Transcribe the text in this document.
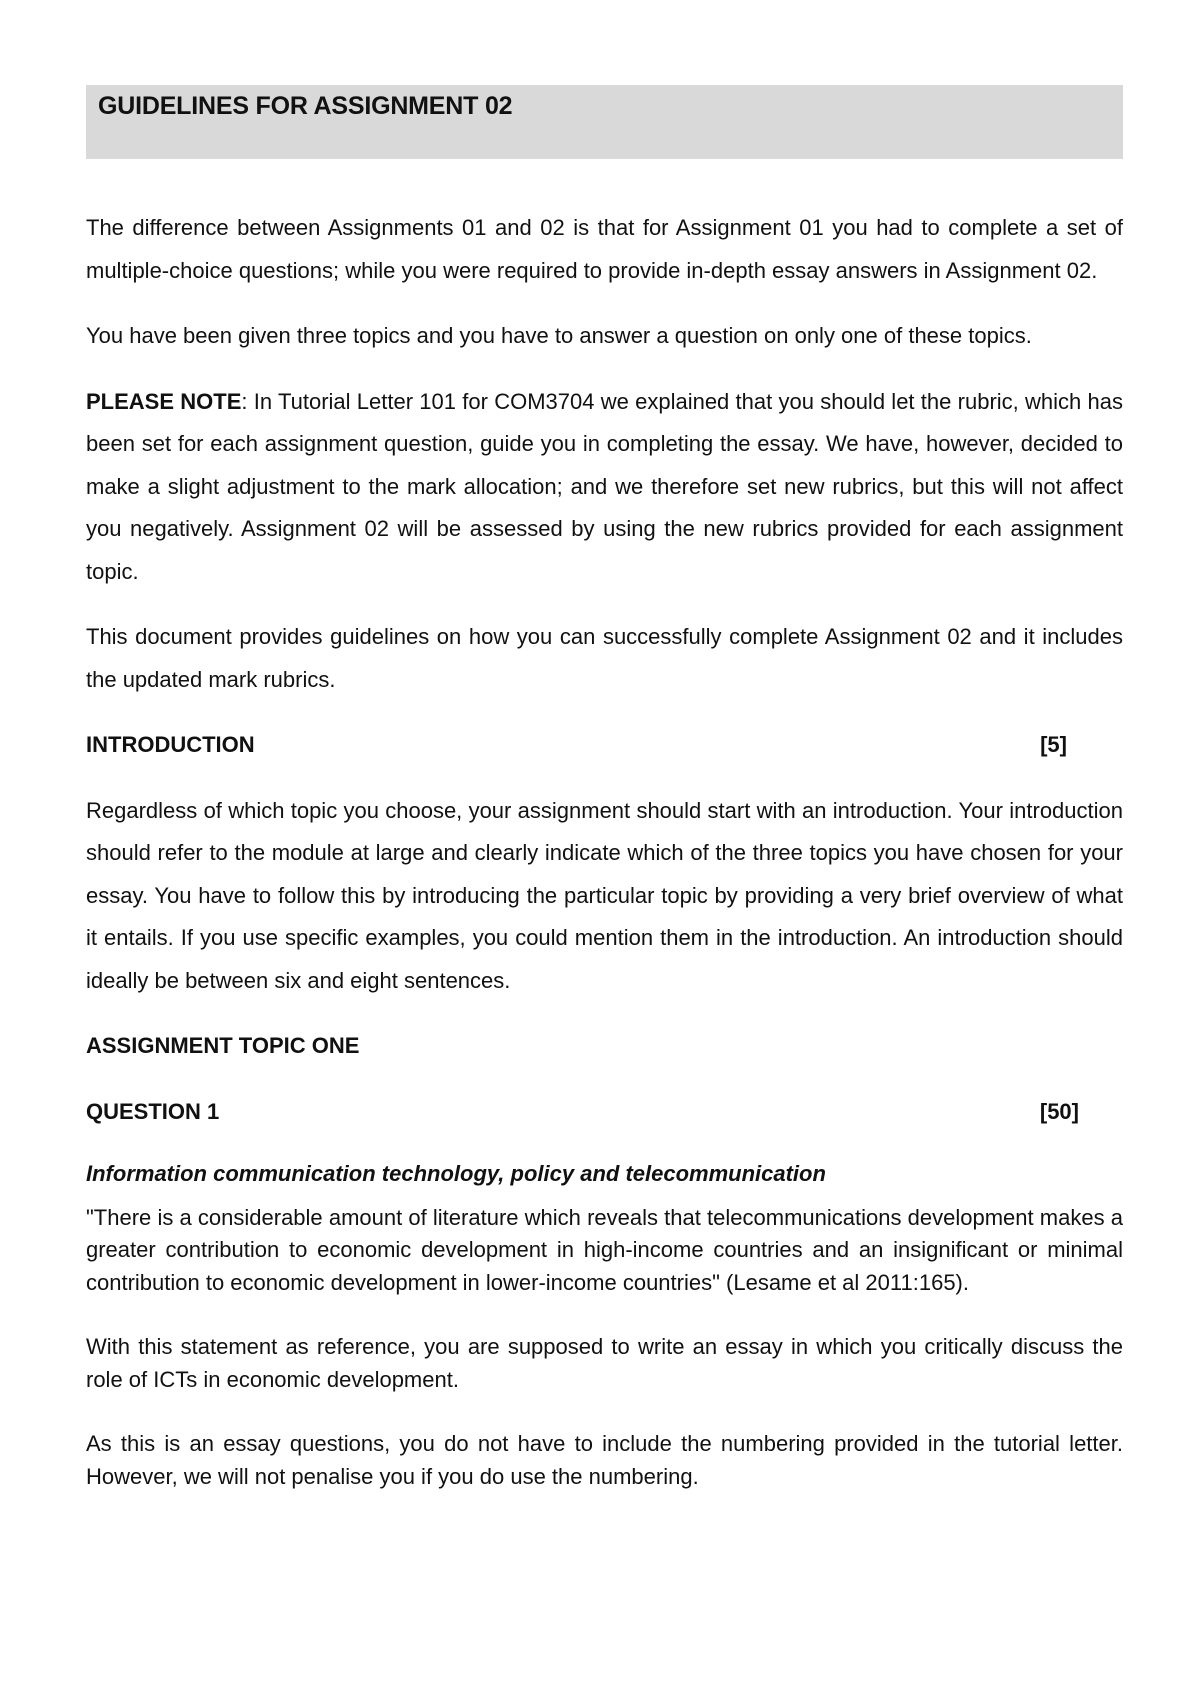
GUIDELINES FOR ASSIGNMENT 02

The difference between Assignments 01 and 02 is that for Assignment 01 you had to complete a set of multiple-choice questions; while you were required to provide in-depth essay answers in Assignment 02.

You have been given three topics and you have to answer a question on only one of these topics.

PLEASE NOTE: In Tutorial Letter 101 for COM3704 we explained that you should let the rubric, which has been set for each assignment question, guide you in completing the essay. We have, however, decided to make a slight adjustment to the mark allocation; and we therefore set new rubrics, but this will not affect you negatively. Assignment 02 will be assessed by using the new rubrics provided for each assignment topic.

This document provides guidelines on how you can successfully complete Assignment 02 and it includes the updated mark rubrics.

INTRODUCTION	[5]

Regardless of which topic you choose, your assignment should start with an introduction. Your introduction should refer to the module at large and clearly indicate which of the three topics you have chosen for your essay. You have to follow this by introducing the particular topic by providing a very brief overview of what it entails. If you use specific examples, you could mention them in the introduction. An introduction should ideally be between six and eight sentences.

ASSIGNMENT TOPIC ONE
QUESTION 1	[50]

Information communication technology, policy and telecommunication

"There is a considerable amount of literature which reveals that telecommunications development makes a greater contribution to economic development in high-income countries and an insignificant or minimal contribution to economic development in lower-income countries" (Lesame et al 2011:165).

With this statement as reference, you are supposed to write an essay in which you critically discuss the role of ICTs in economic development.

As this is an essay questions, you do not have to include the numbering provided in the tutorial letter. However, we will not penalise you if you do use the numbering.
